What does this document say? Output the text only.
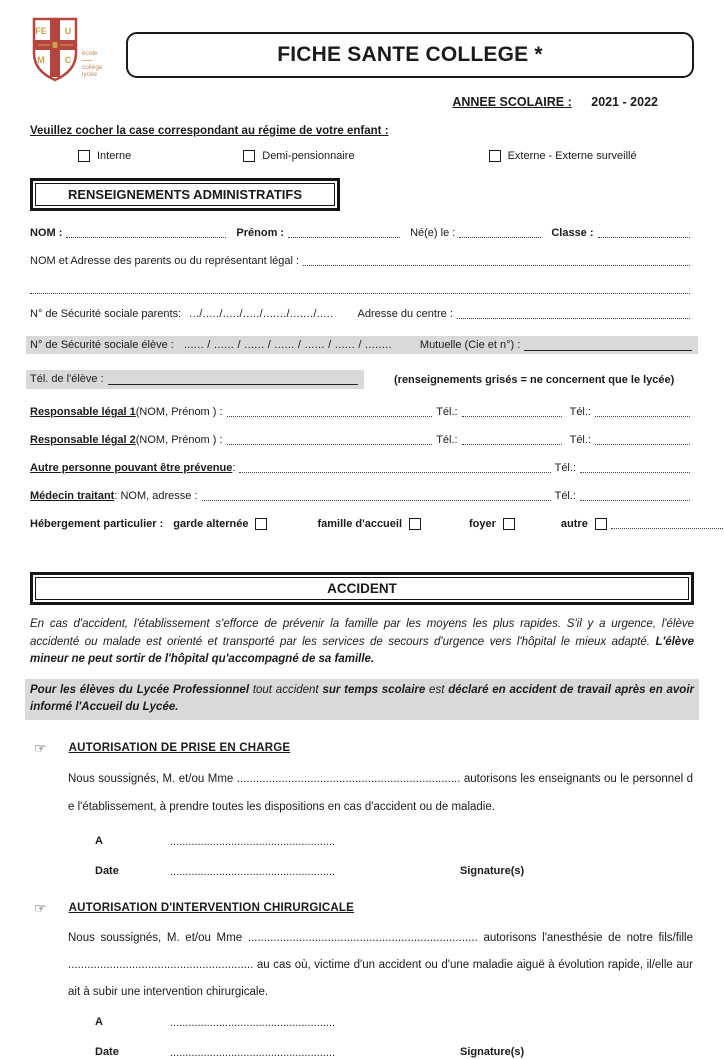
FE U
M C
école
collège
lycée
FICHE SANTE COLLEGE *
ANNEE SCOLAIRE : 2021 - 2022
Veuillez cocher la case correspondant au régime de votre enfant :
Interne	Demi-pensionnaire	Externe - Externe surveillé
RENSEIGNEMENTS ADMINISTRATIFS
NOM :	Prénom :	Né(e) le :	Classe :
NOM et Adresse des parents ou du représentant légal :
N° de Sécurité sociale parents: .../...../...../...../......./......./..... Adresse du centre :
N° de Sécurité sociale élève : ...... / ...... / ...... / ...... / ...... / ...... / ........	Mutuelle (Cie et n°) :
Tél. de l'élève :	(renseignements grisés = ne concernent que le lycée)
Responsable légal 1 (NOM, Prénom ) :	Tél.:	Tél.:
Responsable légal 2 (NOM, Prénom ) :	Tél.:	Tél.:
Autre personne pouvant être prévenue :	Tél.:
Médecin traitant : NOM, adresse :	Tél.:
Hébergement particulier : garde alternée	famille d'accueil	foyer	autre
ACCIDENT

En cas d'accident, l'établissement s'efforce de prévenir la famille par les moyens les plus rapides. S'il y a urgence, l'élève accidenté ou malade est orienté et transporté par les services de secours d'urgence vers l'hôpital le mieux adapté. L'élève mineur ne peut sortir de l'hôpital qu'accompagné de sa famille.

Pour les élèves du Lycée Professionnel tout accident sur temps scolaire est déclaré en accident de travail après en avoir informé l'Accueil du Lycée.

☞ AUTORISATION DE PRISE EN CHARGE
Nous soussignés, M. et/ou Mme ...................................................................... autorisons les enseignants ou le personnel de l'établissement, à prendre toutes les dispositions en cas d'accident ou de maladie.
A	......................................................
Date	......................................................	Signature(s)
☞ AUTORISATION D'INTERVENTION CHIRURGICALE
Nous soussignés, M. et/ou Mme ........................................................................ autorisons l'anesthésie de notre fils/fille .......................................................... au cas où, victime d'un accident ou d'une maladie aiguë à évolution rapide, il/elle aurait à subir une intervention chirurgicale.
A	......................................................
Date	......................................................	Signature(s)
